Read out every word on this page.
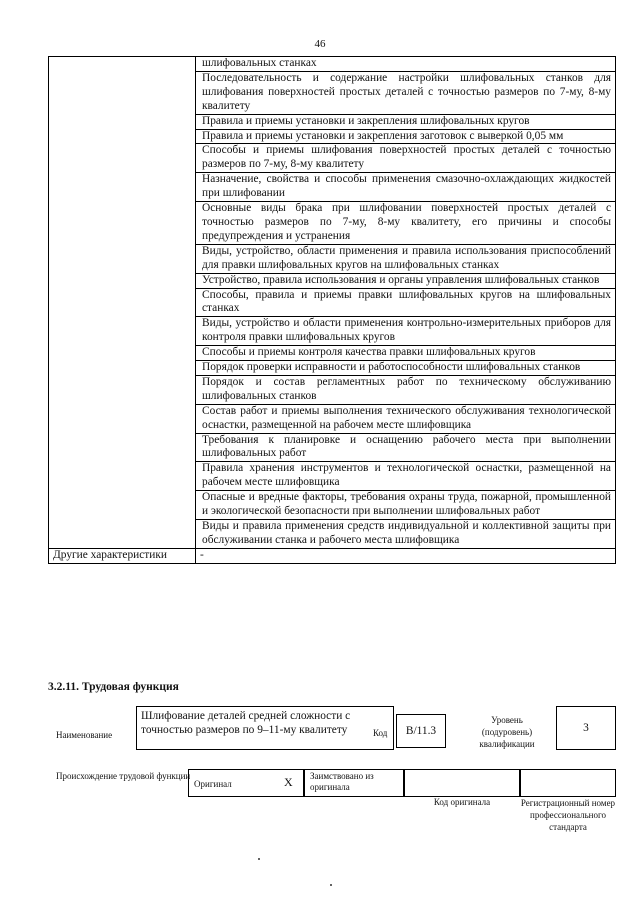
46
	шлифовальных станках
	Последовательность и содержание настройки шлифовальных станков для шлифования поверхностей простых деталей с точностью размеров по 7-му, 8-му квалитету
	Правила и приемы установки и закрепления шлифовальных кругов
	Правила и приемы установки и закрепления заготовок с выверкой 0,05 мм
	Способы и приемы шлифования поверхностей простых деталей с точностью размеров по 7-му, 8-му квалитету
	Назначение, свойства и способы применения смазочно-охлаждающих жидкостей при шлифовании
	Основные виды брака при шлифовании поверхностей простых деталей с точностью размеров по 7-му, 8-му квалитету, его причины и способы предупреждения и устранения
	Виды, устройство, области применения и правила использования приспособлений для правки шлифовальных кругов на шлифовальных станках
	Устройство, правила использования и органы управления шлифовальных станков
	Способы, правила и приемы правки шлифовальных кругов на шлифовальных станках
	Виды, устройство и области применения контрольно-измерительных приборов для контроля правки шлифовальных кругов
	Способы и приемы контроля качества правки шлифовальных кругов
	Порядок проверки исправности и работоспособности шлифовальных станков
	Порядок и состав регламентных работ по техническому обслуживанию шлифовальных станков
	Состав работ и приемы выполнения технического обслуживания технологической оснастки, размещенной на рабочем месте шлифовщика
	Требования к планировке и оснащению рабочего места при выполнении шлифовальных работ
	Правила хранения инструментов и технологической оснастки, размещенной на рабочем месте шлифовщика
	Опасные и вредные факторы, требования охраны труда, пожарной, промышленной и экологической безопасности при выполнении шлифовальных работ
	Виды и правила применения средств индивидуальной и коллективной защиты при обслуживании станка и рабочего места шлифовщика
Другие характеристики	-
3.2.11. Трудовая функция
Наименование
Шлифование деталей средней сложности с точностью размеров по 9–11-му квалитету	Код	B/11.3
Уровень (подуровень) квалификации
3
Происхождение трудовой функции
Оригинал	X Заимствовано из оригинала
Код оригинала	Регистрационный номер профессионального стандарта
